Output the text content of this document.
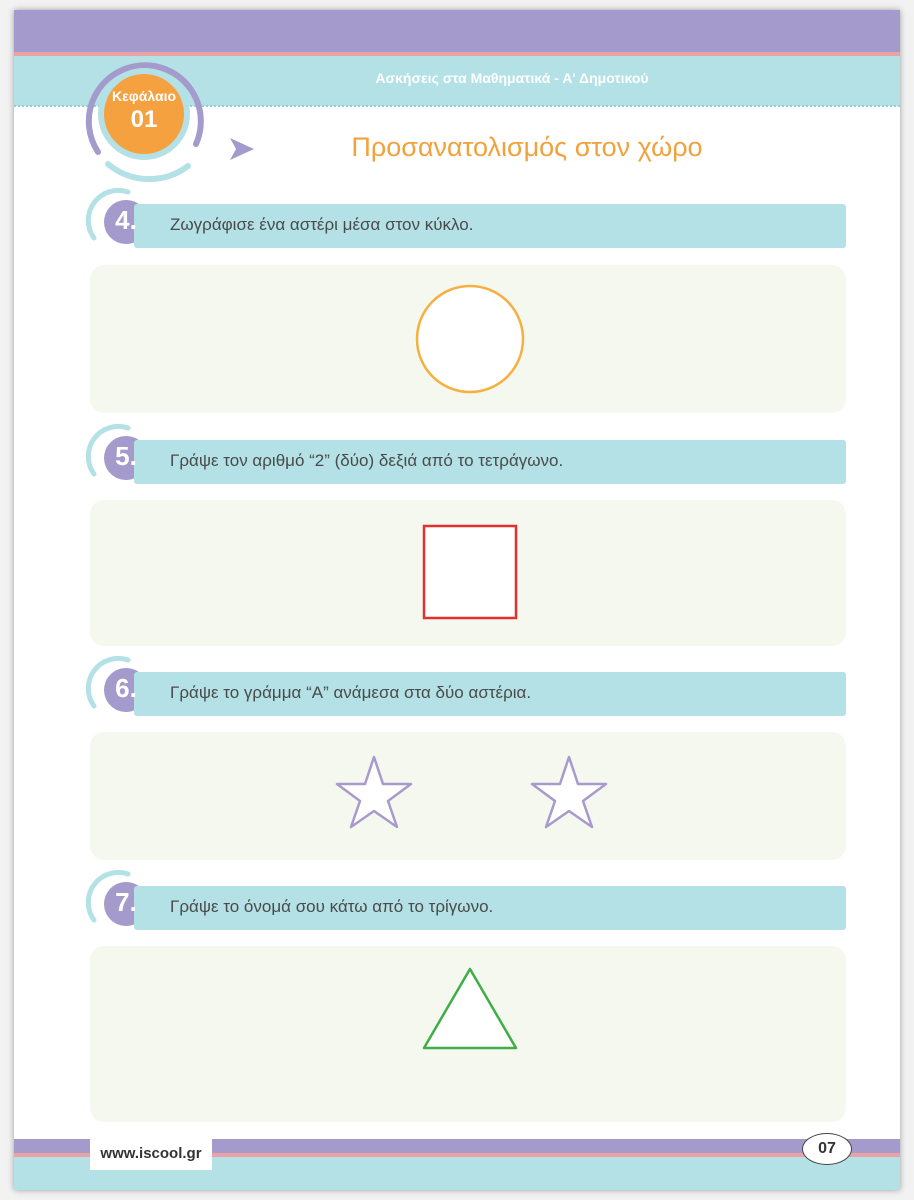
Ασκήσεις στα Μαθηματικά - Α' Δημοτικού
Κεφάλαιο
01
Προσανατολισμός στον χώρο
Ζωγράφισε ένα αστέρι μέσα στον κύκλο.
4.
Γράψε τον αριθμό “2” (δύο) δεξιά από το τετράγωνο.
5.
Γράψε το γράμμα “Α” ανάμεσα στα δύο αστέρια.
6.
Γράψε το όνομά σου κάτω από το τρίγωνο.
7.
www.iscool.gr	07
